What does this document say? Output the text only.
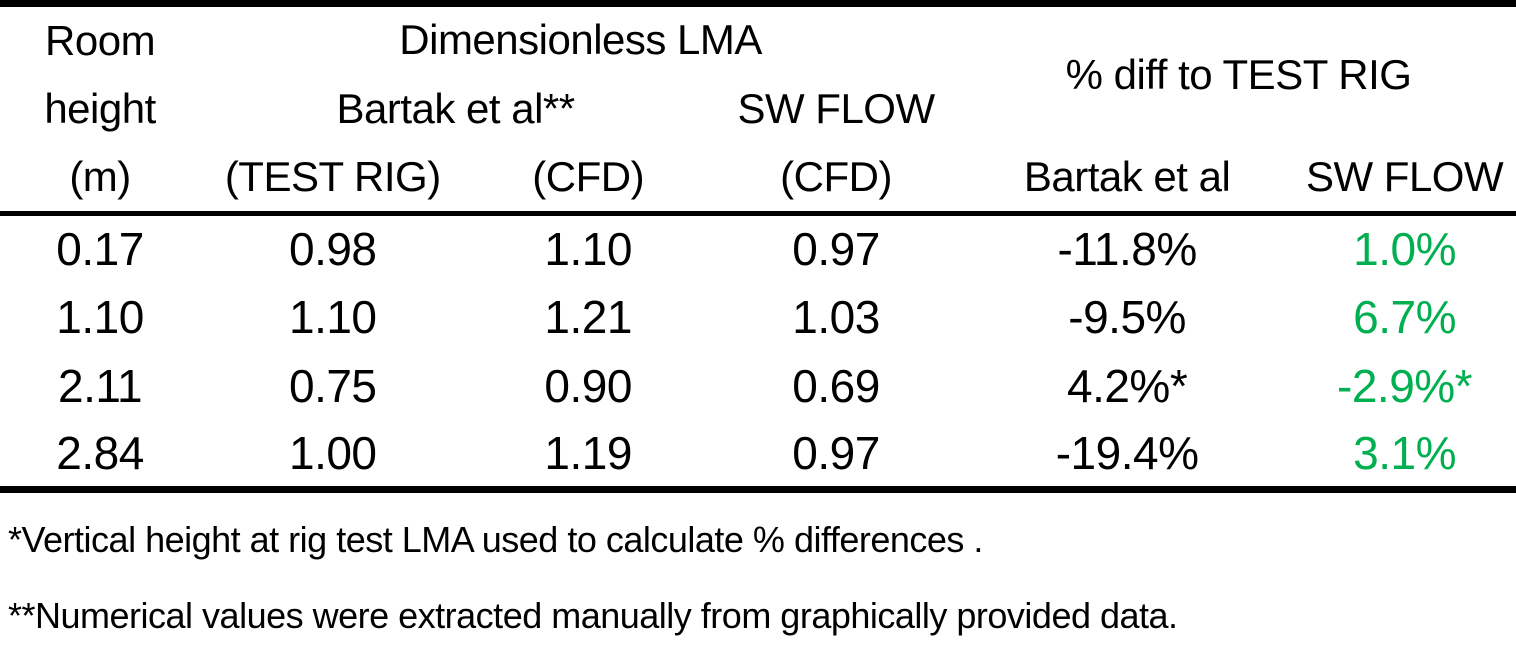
Room
height
(m)	Dimensionless LMA			% diff to TEST RIG	
	Bartak et al**		SW FLOW		
	(TEST RIG)	(CFD)	(CFD)	Bartak et al	SW FLOW
0.17	0.98	1.10	0.97	-11.8%	1.0%
1.10	1.10	1.21	1.03	-9.5%	6.7%
2.11	0.75	0.90	0.69	4.2%*	-2.9%*
2.84	1.00	1.19	0.97	-19.4%	3.1%
*Vertical height at rig test LMA used to calculate % differences .
**Numerical values were extracted manually from graphically provided data.
